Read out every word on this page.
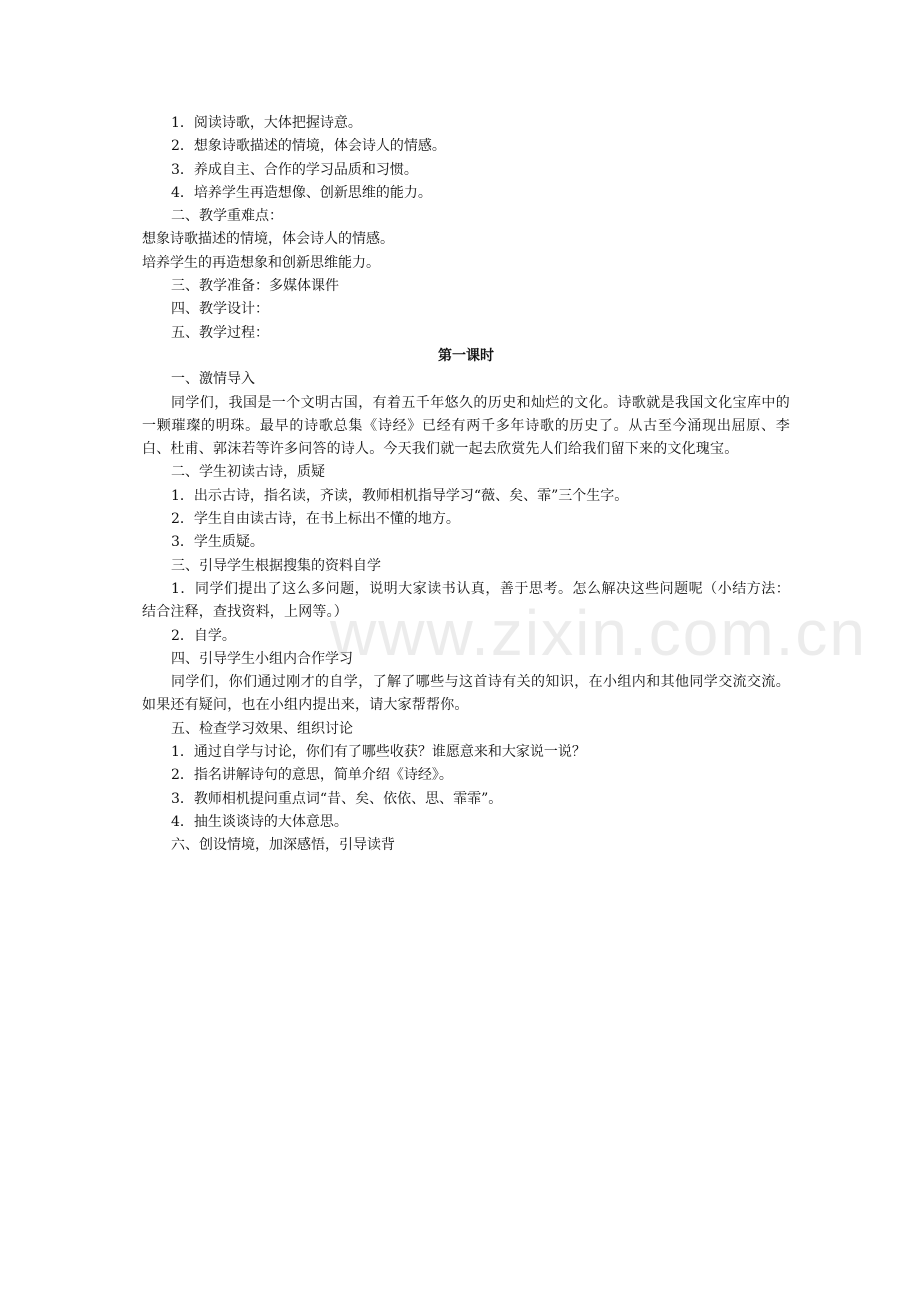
www.zixin.com.cn

1．阅读诗歌，大体把握诗意。

2．想象诗歌描述的情境，体会诗人的情感。

3．养成自主、合作的学习品质和习惯。

4．培养学生再造想像、创新思维的能力。

二、教学重难点：

想象诗歌描述的情境，体会诗人的情感。

培养学生的再造想象和创新思维能力。

三、教学准备：多媒体课件

四、教学设计：

五、教学过程：

第一课时

一、激情导入

同学们，我国是一个文明古国，有着五千年悠久的历史和灿烂的文化。诗歌就是我国文化宝库中的一颗璀璨的明珠。最早的诗歌总集《诗经》已经有两千多年诗歌的历史了。从古至今涌现出屈原、李白、杜甫、郭沫若等许多问答的诗人。今天我们就一起去欣赏先人们给我们留下来的文化瑰宝。

二、学生初读古诗，质疑

1．出示古诗，指名读，齐读，教师相机指导学习“薇、矣、霏”三个生字。

2．学生自由读古诗，在书上标出不懂的地方。

3．学生质疑。

三、引导学生根据搜集的资料自学

1．同学们提出了这么多问题，说明大家读书认真，善于思考。怎么解决这些问题呢（小结方法：结合注释，查找资料，上网等。）

2．自学。

四、引导学生小组内合作学习

同学们，你们通过刚才的自学，了解了哪些与这首诗有关的知识，在小组内和其他同学交流交流。如果还有疑问，也在小组内提出来，请大家帮帮你。

五、检查学习效果、组织讨论

1．通过自学与讨论，你们有了哪些收获？谁愿意来和大家说一说？

2．指名讲解诗句的意思，简单介绍《诗经》。

3．教师相机提问重点词“昔、矣、依依、思、霏霏”。

4．抽生谈谈诗的大体意思。

六、创设情境，加深感悟，引导读背
